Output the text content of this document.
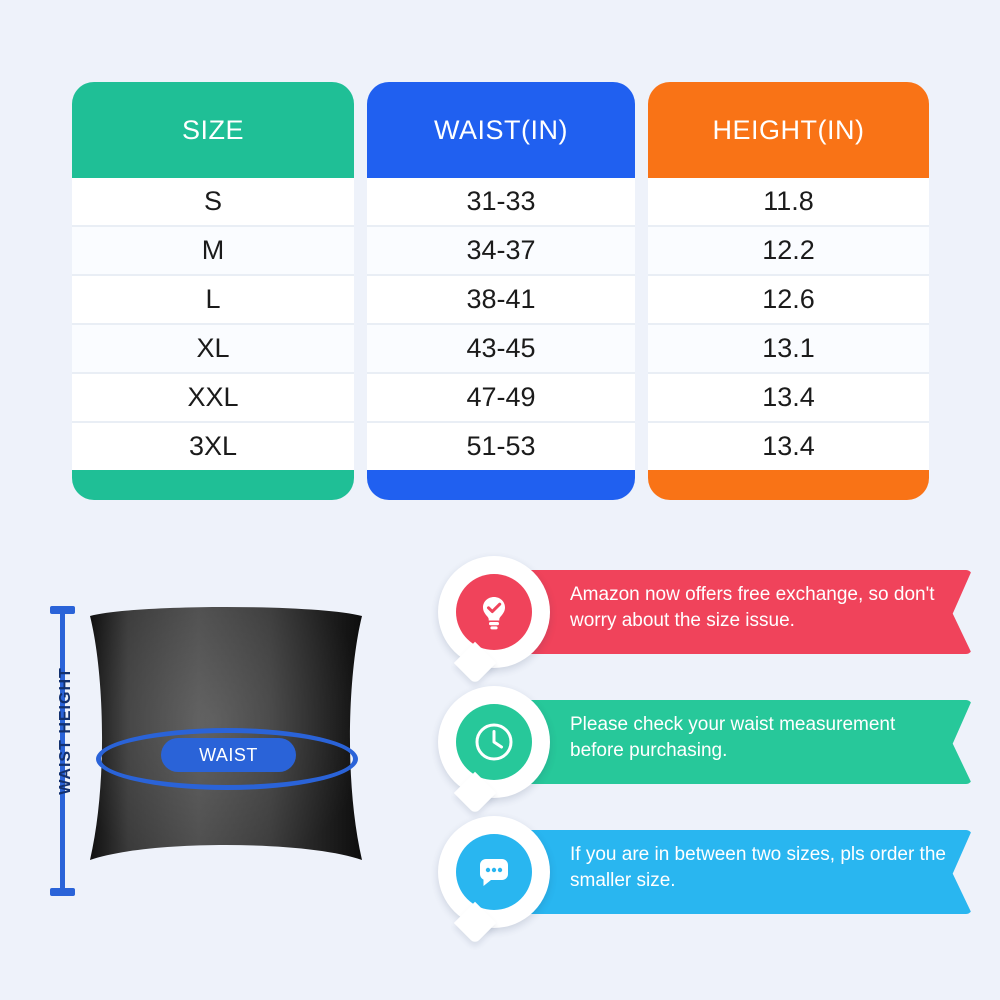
SIZE
S
M
L
XL
XXL
3XL
WAIST(IN)
31-33
34-37
38-41
43-45
47-49
51-53
HEIGHT(IN)
11.8
12.2
12.6
13.1
13.4
13.4
WAIST
WAIST HEIGHT
Amazon now offers free exchange, so don't worry about the size issue.
Please check your waist measurement before purchasing.
If you are in between two sizes, pls order the smaller size.
